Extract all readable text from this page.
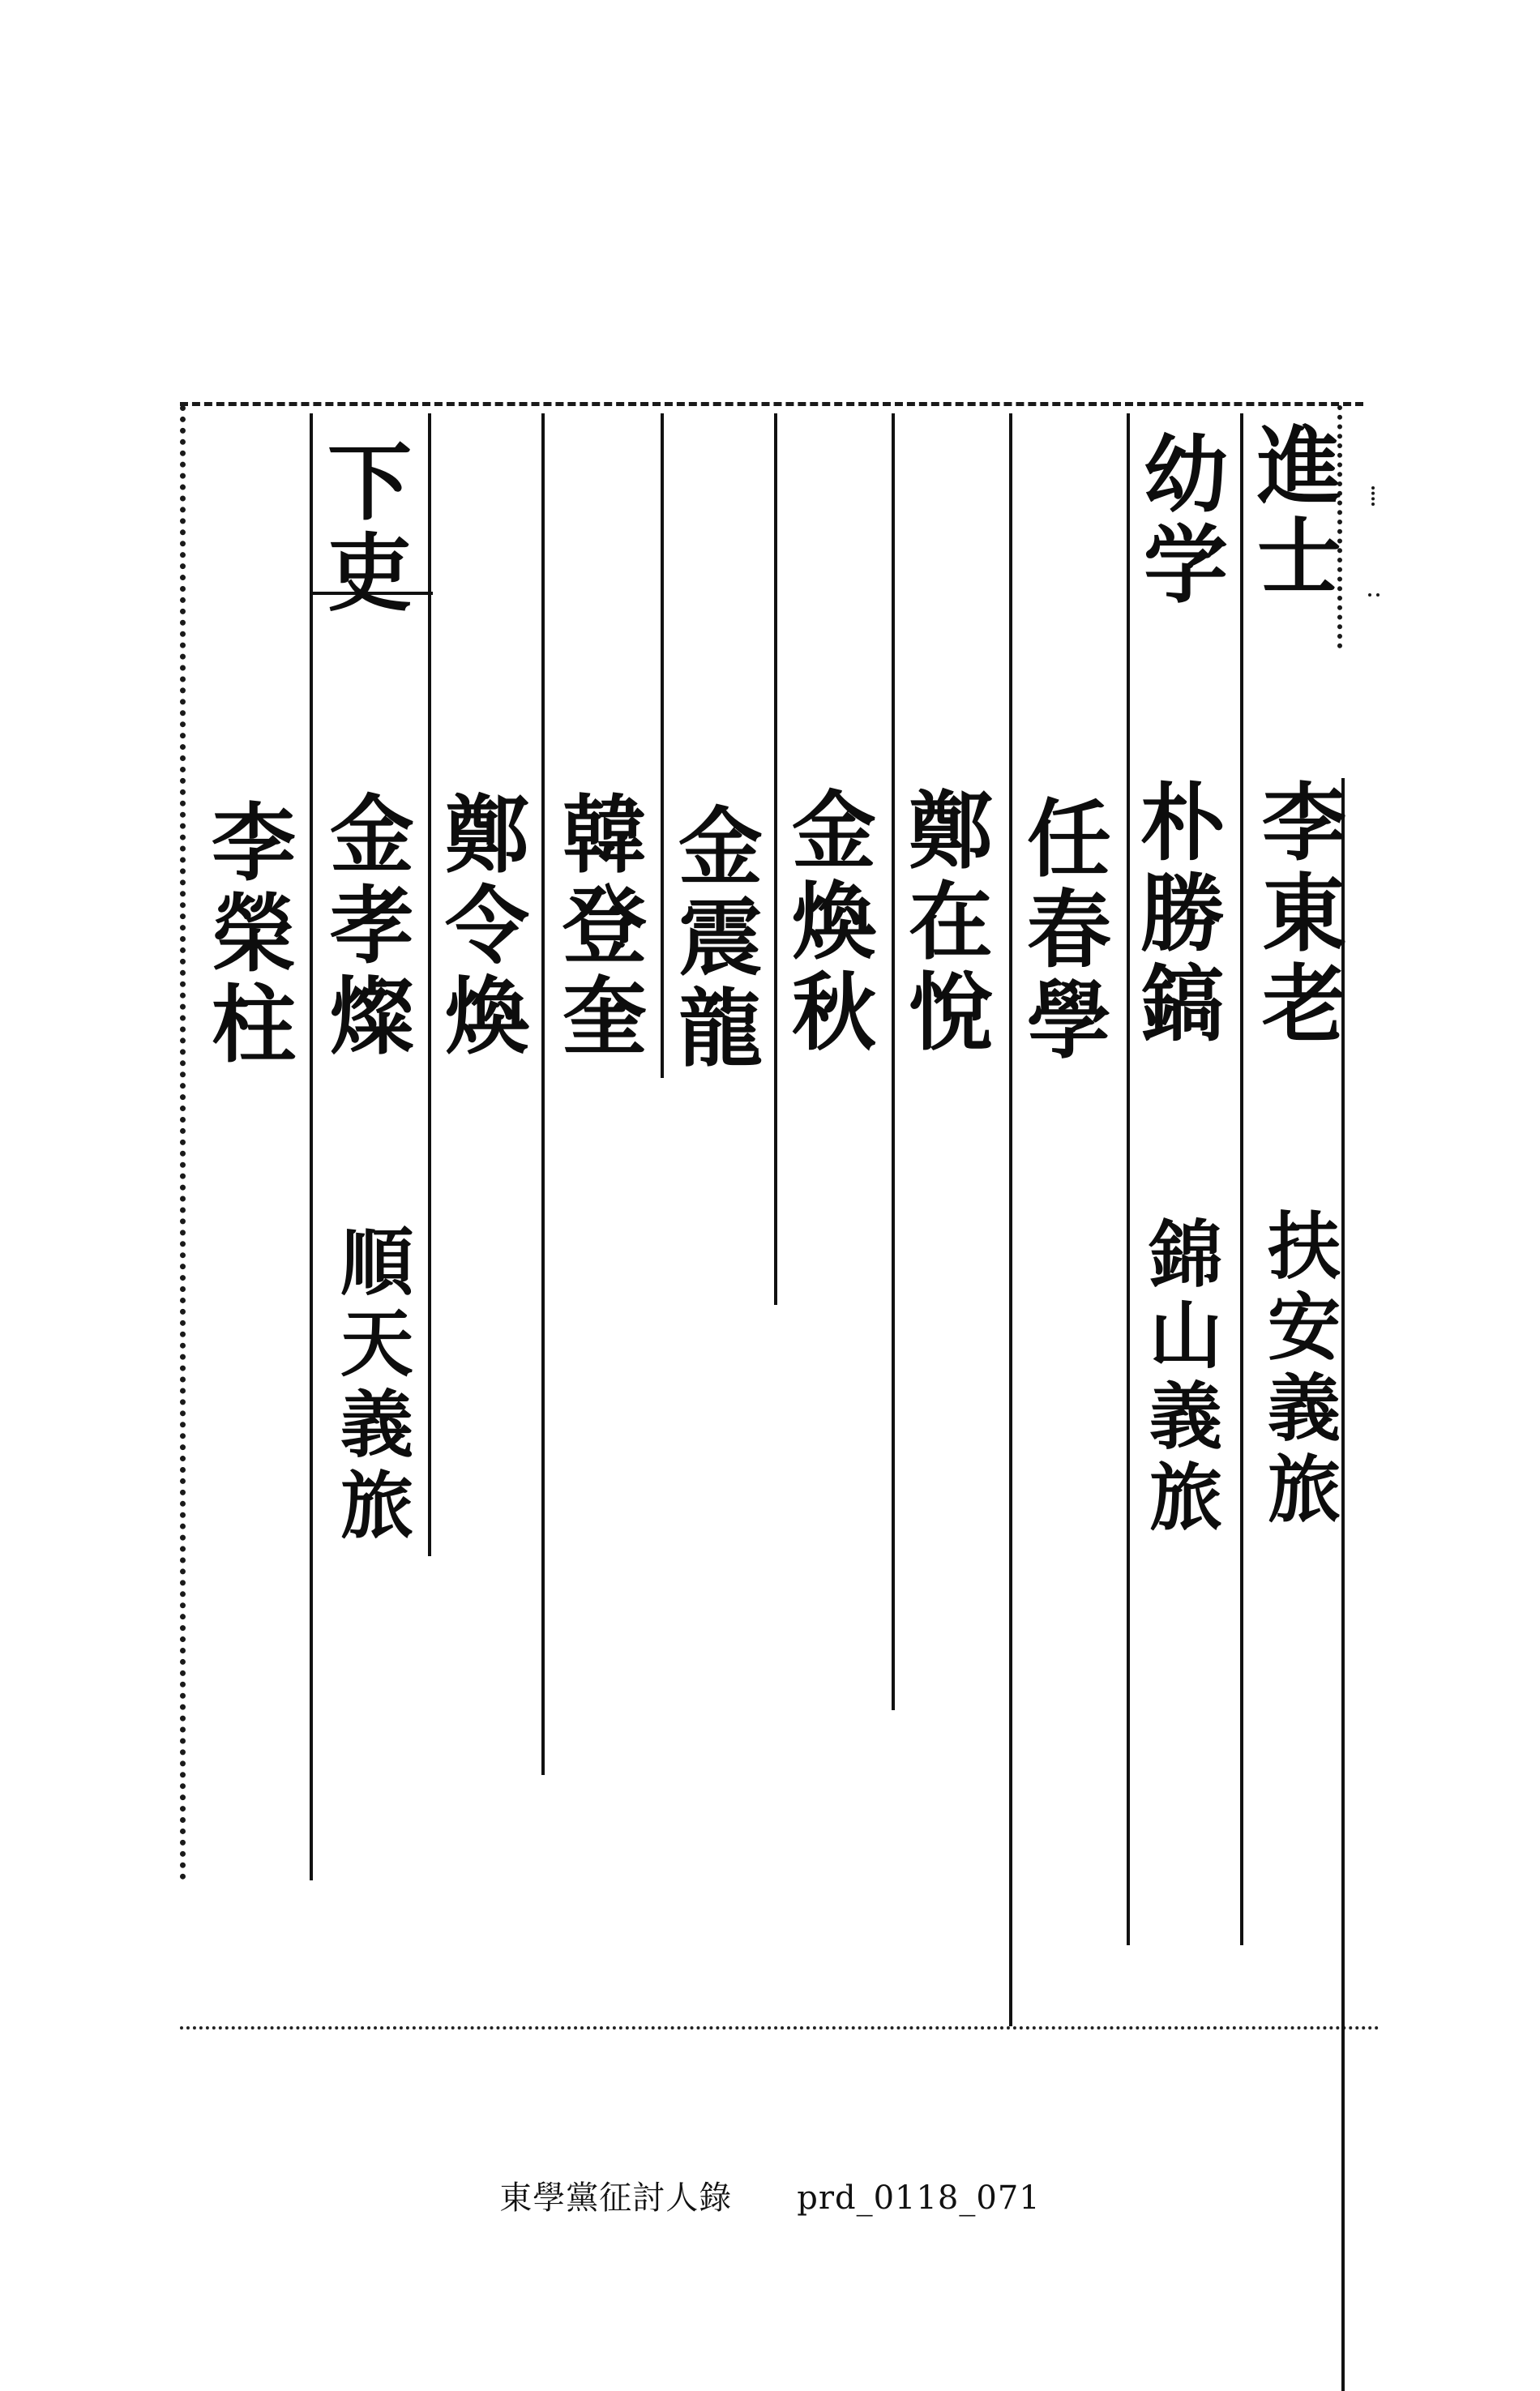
進士
李東老
扶安義旅
幼学
朴勝鎬
錦山義旅
任春學
鄭在悅
金煥秋
金震龍
韓登奎
鄭令煥
下吏
金孝燦
順天義旅
李榮柱
東學黨征討人錄 prd_0118_071
